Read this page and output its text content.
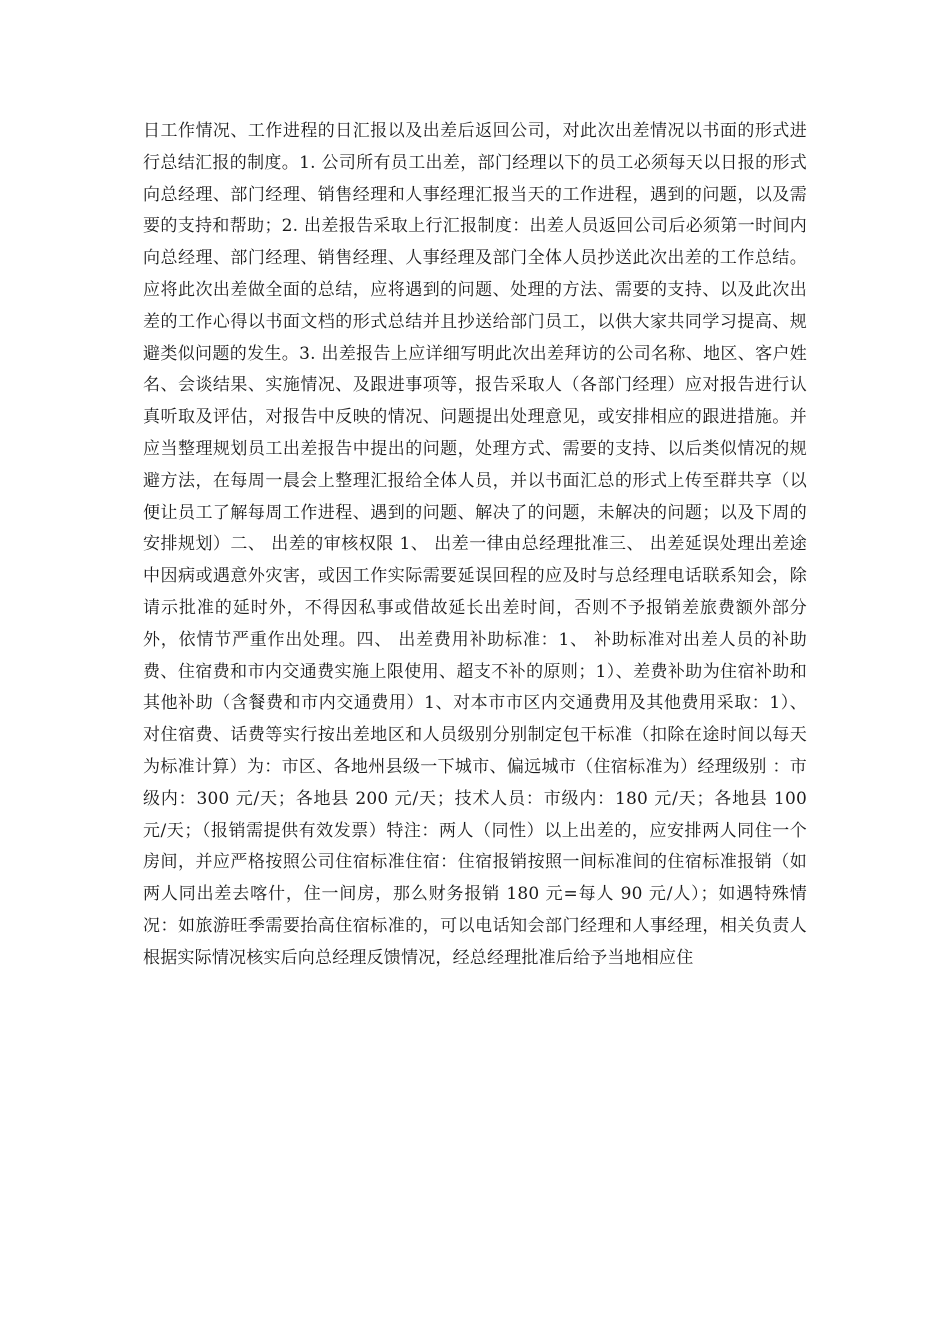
日工作情况、工作进程的日汇报以及出差后返回公司，对此次出差情况以书面的形式进行总结汇报的制度。1. 公司所有员工出差，部门经理以下的员工必须每天以日报的形式向总经理、部门经理、销售经理和人事经理汇报当天的工作进程，遇到的问题，以及需要的支持和帮助；2. 出差报告采取上行汇报制度：出差人员返回公司后必须第一时间内向总经理、部门经理、销售经理、人事经理及部门全体人员抄送此次出差的工作总结。应将此次出差做全面的总结，应将遇到的问题、处理的方法、需要的支持、以及此次出差的工作心得以书面文档的形式总结并且抄送给部门员工，以供大家共同学习提高、规避类似问题的发生。3. 出差报告上应详细写明此次出差拜访的公司名称、地区、客户姓名、会谈结果、实施情况、及跟进事项等，报告采取人（各部门经理）应对报告进行认真听取及评估，对报告中反映的情况、问题提出处理意见，或安排相应的跟进措施。并应当整理规划员工出差报告中提出的问题，处理方式、需要的支持、以后类似情况的规避方法，在每周一晨会上整理汇报给全体人员，并以书面汇总的形式上传至群共享（以便让员工了解每周工作进程、遇到的问题、解决了的问题，未解决的问题；以及下周的安排规划）二、 出差的审核权限 1、 出差一律由总经理批准三、 出差延误处理出差途中因病或遇意外灾害，或因工作实际需要延误回程的应及时与总经理电话联系知会，除请示批准的延时外，不得因私事或借故延长出差时间，否则不予报销差旅费额外部分外，依情节严重作出处理。四、 出差费用补助标准：1、 补助标准对出差人员的补助费、住宿费和市内交通费实施上限使用、超支不补的原则；1）、差费补助为住宿补助和其他补助（含餐费和市内交通费用）1、对本市市区内交通费用及其他费用采取：1）、对住宿费、话费等实行按出差地区和人员级别分别制定包干标准（扣除在途时间以每天为标准计算）为：市区、各地州县级一下城市、偏远城市（住宿标准为）经理级别 ：市级内：300 元/天；各地县 200 元/天；技术人员：市级内：180 元/天；各地县 100 元/天；（报销需提供有效发票）特注：两人（同性）以上出差的，应安排两人同住一个房间，并应严格按照公司住宿标准住宿：住宿报销按照一间标准间的住宿标准报销（如两人同出差去喀什，住一间房，那么财务报销 180 元=每人 90 元/人）；如遇特殊情况：如旅游旺季需要抬高住宿标准的，可以电话知会部门经理和人事经理，相关负责人根据实际情况核实后向总经理反馈情况，经总经理批准后给予当地相应住
